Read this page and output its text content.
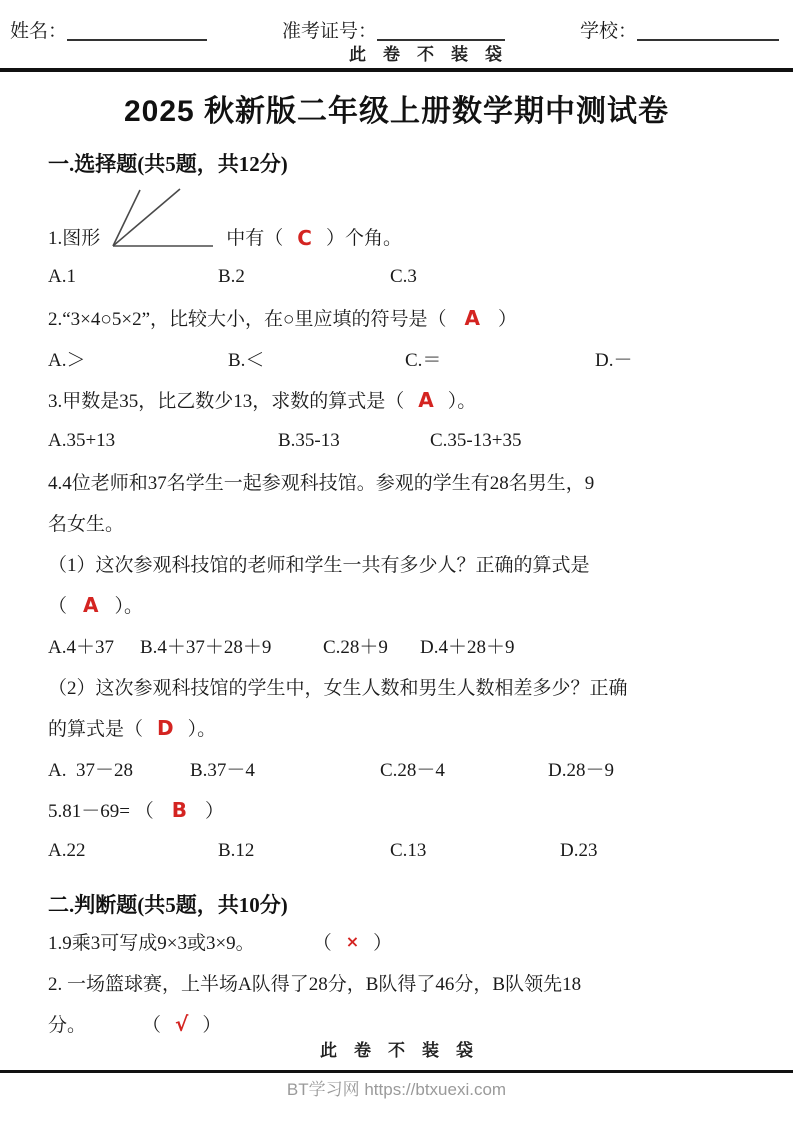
姓名：	准考证号：	学校：
此　卷　不　装　袋
2025 秋新版二年级上册数学期中测试卷
一.选择题(共5题，共12分)
1.图形	中有（ C ）个角。
A.1	B.2	C.3
2.“3×4○5×2”，比较大小，在○里应填的符号是（ A ）
A.＞	B.＜	C.＝	D.－
3.甲数是35，比乙数少13，求数的算式是（ A ）。
A.35+13	B.35-13	C.35-13+35
4.4位老师和37名学生一起参观科技馆。参观的学生有28名男生，9
名女生。
（1）这次参观科技馆的老师和学生一共有多少人？正确的算式是
（ A ）。
A.4＋37	B.4＋37＋28＋9	C.28＋9	D.4＋28＋9
（2）这次参观科技馆的学生中，女生人数和男生人数相差多少？正确
的算式是（ D ）。
A.  37－28	B.37－4	C.28－4	D.28－9
5.81－69= （ B ）
A.22	B.12	C.13	D.23
二.判断题(共5题，共10分)
1.9乘3可写成9×3或3×9。	（ × ）
2. 一场篮球赛，上半场A队得了28分，B队得了46分，B队领先18
分。	（ √ ）
此　卷　不　装　袋
BT学习网 https://btxuexi.com
